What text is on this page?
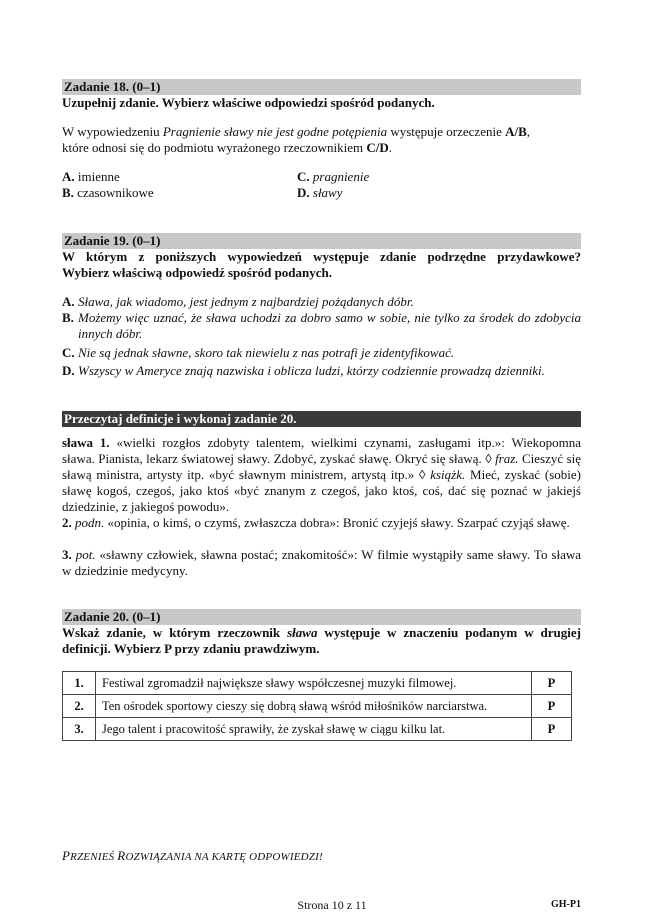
Zadanie 18. (0–1)
Uzupełnij zdanie. Wybierz właściwe odpowiedzi spośród podanych.
W wypowiedzeniu Pragnienie sławy nie jest godne potępienia występuje orzeczenie A/B,
które odnosi się do podmiotu wyrażonego rzeczownikiem C/D.
A. imienne
B. czasownikowe
C. pragnienie
D. sławy
Zadanie 19. (0–1)
W którym z poniższych wypowiedzeń występuje zdanie podrzędne przydawkowe?
Wybierz właściwą odpowiedź spośród podanych.
A. Sława, jak wiadomo, jest jednym z najbardziej pożądanych dóbr.
B. Możemy więc uznać, że sława uchodzi za dobro samo w sobie, nie tylko za środek do zdobycia innych dóbr.
C. Nie są jednak sławne, skoro tak niewielu z nas potrafi je zidentyfikować.
D. Wszyscy w Ameryce znają nazwiska i oblicza ludzi, którzy codziennie prowadzą dzienniki.
Przeczytaj definicje i wykonaj zadanie 20.
sława 1. «wielki rozgłos zdobyty talentem, wielkimi czynami, zasługami itp.»: Wiekopomna sława. Pianista, lekarz światowej sławy. Zdobyć, zyskać sławę. Okryć się sławą. ◊ fraz. Cieszyć się sławą ministra, artysty itp. «być sławnym ministrem, artystą itp.» ◊ książk. Mieć, zyskać (sobie) sławę kogoś, czegoś, jako ktoś «być znanym z czegoś, jako ktoś, coś, dać się poznać w jakiejś dziedzinie, z jakiegoś powodu».
2. podn. «opinia, o kimś, o czymś, zwłaszcza dobra»: Bronić czyjejś sławy. Szarpać czyjąś sławę.
3. pot. «sławny człowiek, sławna postać; znakomitość»: W filmie wystąpiły same sławy. To sława w dziedzinie medycyny.
Zadanie 20. (0–1)
Wskaż zdanie, w którym rzeczownik sława występuje w znaczeniu podanym w drugiej
definicji. Wybierz P przy zdaniu prawdziwym.
1.	Festiwal zgromadził największe sławy współczesnej muzyki filmowej.	P
2.	Ten ośrodek sportowy cieszy się dobrą sławą wśród miłośników narciarstwa.	P
3.	Jego talent i pracowitość sprawiły, że zyskał sławę w ciągu kilku lat.	P
PRZENIEŚ ROZWIĄZANIA NA KARTĘ ODPOWIEDZI!
Strona 10 z 11	GH-P1
